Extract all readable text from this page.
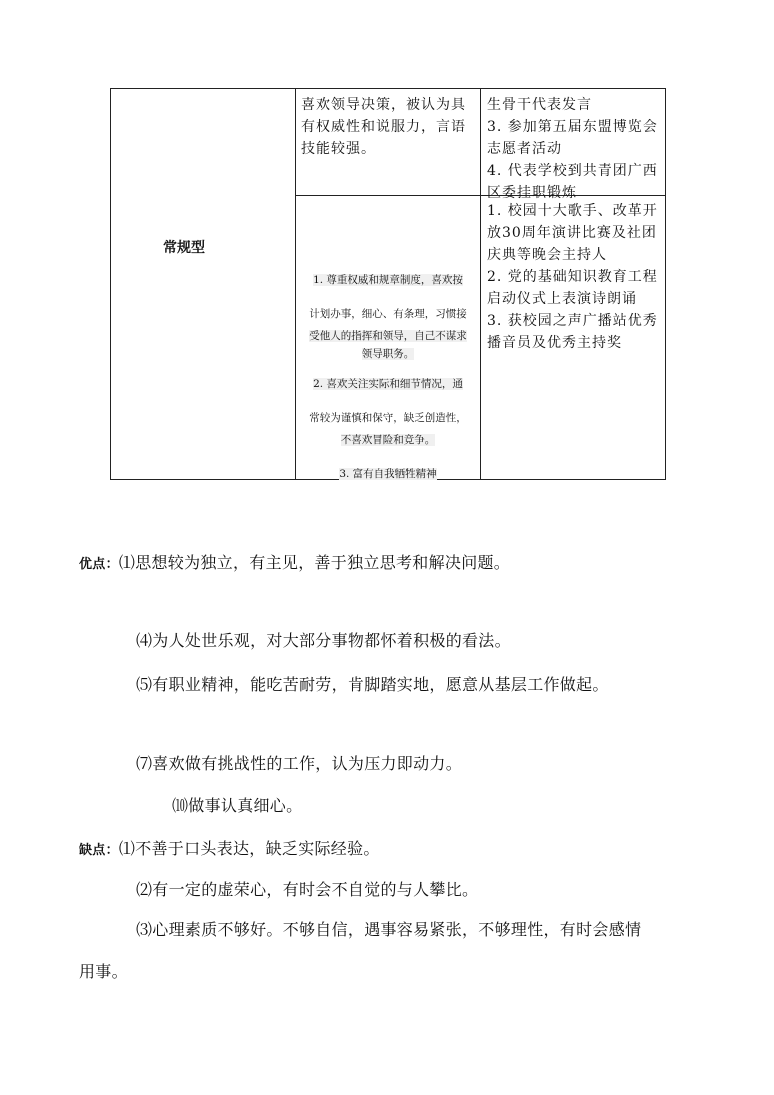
喜欢领导决策，被认为具有权威性和说服力，言语技能较强。
生骨干代表发言
3. 参加第五届东盟博览会志愿者活动
4. 代表学校到共青团广西区委挂职锻炼
常规型

1. 尊重权威和规章制度，喜欢按

计划办事，细心、有条理，习惯接

受他人的指挥和领导，自己不谋求

领导职务。

2. 喜欢关注实际和细节情况，通

常较为谨慎和保守，缺乏创造性，

不喜欢冒险和竞争。

3. 富有自我牺牲精神

1. 校园十大歌手、改革开放30周年演讲比赛及社团庆典等晚会主持人
2. 党的基础知识教育工程启动仪式上表演诗朗诵
3. 获校园之声广播站优秀播音员及优秀主持奖
优点：⑴思想较为独立，有主见，善于独立思考和解决问题。
⑷为人处世乐观，对大部分事物都怀着积极的看法。
⑸有职业精神，能吃苦耐劳，肯脚踏实地，愿意从基层工作做起。
⑺喜欢做有挑战性的工作，认为压力即动力。
⑽做事认真细心。
缺点：⑴不善于口头表达，缺乏实际经验。
⑵有一定的虚荣心，有时会不自觉的与人攀比。
⑶心理素质不够好。不够自信，遇事容易紧张，不够理性，有时会感情
用事。
